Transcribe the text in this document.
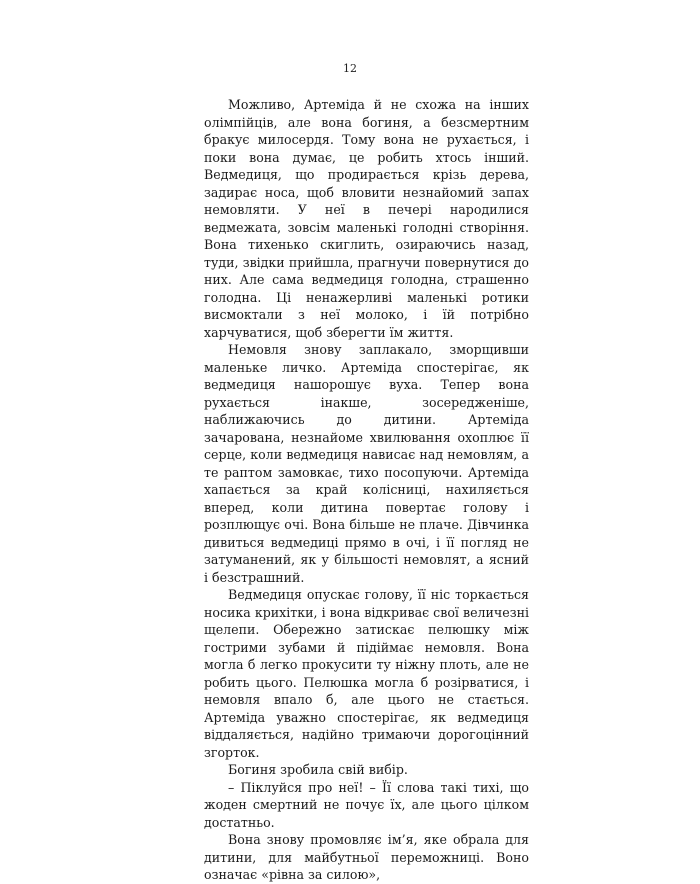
12

Можливо, Артеміда й не схожа на інших олімпійців, але вона богиня, а безсмертним бракує милосердя. Тому вона не рухається, і поки вона думає, це робить хтось інший. Ведмедиця, що продирається крізь дерева, задирає носа, щоб вловити незнайомий запах немовляти. У неї в печері народилися ведмежата, зовсім маленькі голодні створіння. Вона тихенько скиглить, озираючись назад, туди, звідки прийшла, прагнучи повернутися до них. Але сама ведмедиця голодна, страшенно голодна. Ці ненажерливі маленькі ротики висмоктали з неї молоко, і їй потрібно харчуватися, щоб зберегти їм життя.

Немовля знову заплакало, зморщивши маленьке личко. Артеміда спостерігає, як ведмедиця нашорошує вуха. Тепер вона рухається інакше, зосередженіше, наближаючись до дитини. Артеміда зачарована, незнайоме хвилювання охоплює її серце, коли ведмедиця нависає над немовлям, а те раптом замовкає, тихо посопуючи. Артеміда хапається за край колісниці, нахиляється вперед, коли дитина повертає голову і розплющує очі. Вона більше не плаче. Дівчинка дивиться ведмедиці прямо в очі, і її погляд не затуманений, як у більшості немовлят, а ясний і безстрашний.

Ведмедиця опускає голову, її ніс торкається носика крихітки, і вона відкриває свої величезні щелепи. Обережно затискає пелюшку між гострими зубами й підіймає немовля. Вона могла б легко прокусити ту ніжну плоть, але не робить цього. Пелюшка могла б розірватися, і немовля впало б, але цього не стається. Артеміда уважно спостерігає, як ведмедиця віддаляється, надійно тримаючи дорогоцінний згорток.

Богиня зробила свій вибір.

– Піклуйся про неї! – Її слова такі тихі, що жоден смертний не почує їх, але цього цілком достатньо.

Вона знову промовляє ім’я, яке обрала для дитини, для майбутньої переможниці. Воно означає «рівна за силою»,
